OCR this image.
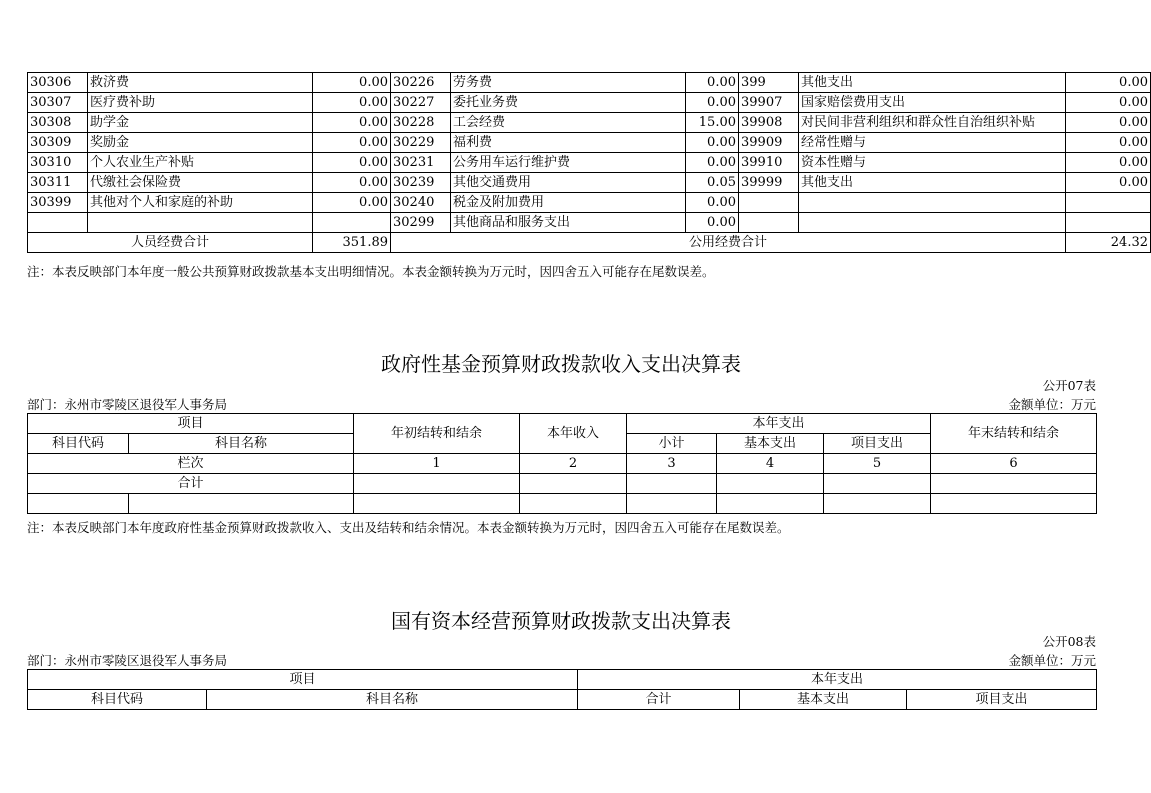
30306	救济费	0.00	30226	劳务费	0.00	399	其他支出	0.00
30307	医疗费补助	0.00	30227	委托业务费	0.00	39907	国家赔偿费用支出	0.00
30308	助学金	0.00	30228	工会经费	15.00	39908	对民间非营利组织和群众性自治组织补贴	0.00
30309	奖励金	0.00	30229	福利费	0.00	39909	经常性赠与	0.00
30310	个人农业生产补贴	0.00	30231	公务用车运行维护费	0.00	39910	资本性赠与	0.00
30311	代缴社会保险费	0.00	30239	其他交通费用	0.05	39999	其他支出	0.00
30399	其他对个人和家庭的补助	0.00	30240	税金及附加费用	0.00			
			30299	其他商品和服务支出	0.00			
人员经费合计		351.89	公用经费合计					24.32
注：本表反映部门本年度一般公共预算财政拨款基本支出明细情况。本表金额转换为万元时，因四舍五入可能存在尾数误差。
政府性基金预算财政拨款收入支出决算表
公开07表
部门：永州市零陵区退役军人事务局	金额单位：万元
项目		年初结转和结余	本年收入	本年支出			年末结转和结余
科目代码	科目名称			小计	基本支出	项目支出	
栏次		1	2	3	4	5	6
合计							

注：本表反映部门本年度政府性基金预算财政拨款收入、支出及结转和结余情况。本表金额转换为万元时，因四舍五入可能存在尾数误差。
国有资本经营预算财政拨款支出决算表
公开08表
部门：永州市零陵区退役军人事务局	金额单位：万元
项目		本年支出		
科目代码	科目名称	合计	基本支出	项目支出
